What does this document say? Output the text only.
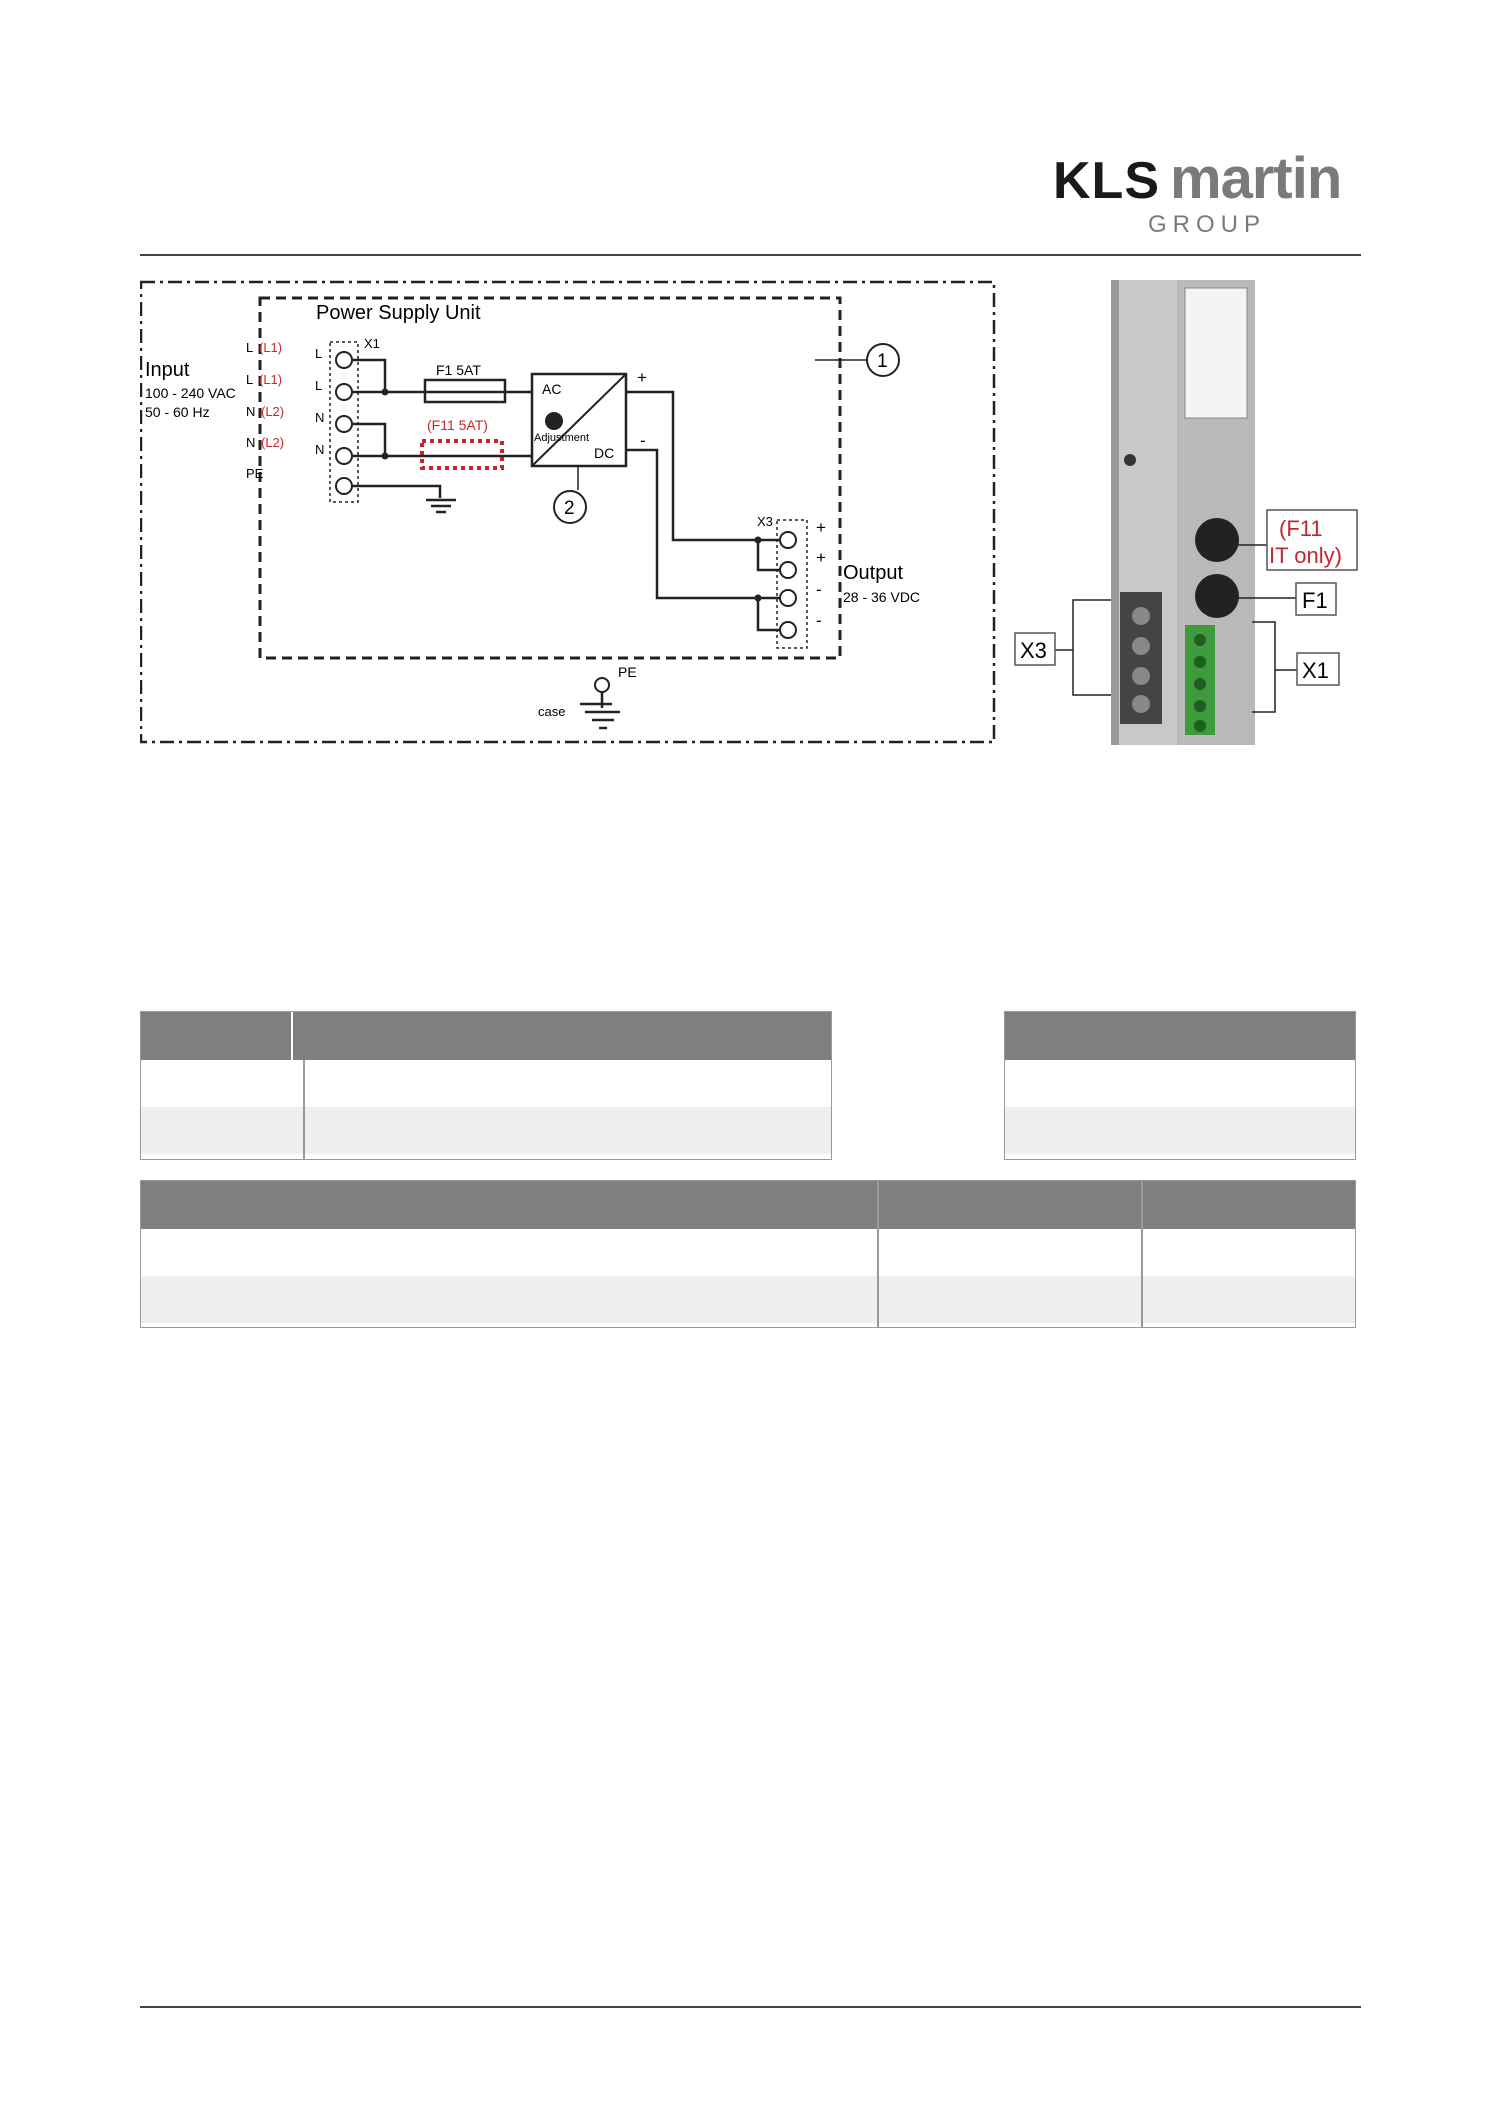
KLS martin
GROUP
Power Supply Unit
Input
100 - 240 VAC
50 - 60 Hz
L (L1)
L (L1)
N (L2)
N (L2)
PE
X1
L
L
N
N
F1 5AT
(F11 5AT)
AC
DC
Adjustment
+
-
X3	+
+
-
-
Output
28 - 36 VDC
1
2
PE
case
(F11
IT only)
F1
X3
X1
